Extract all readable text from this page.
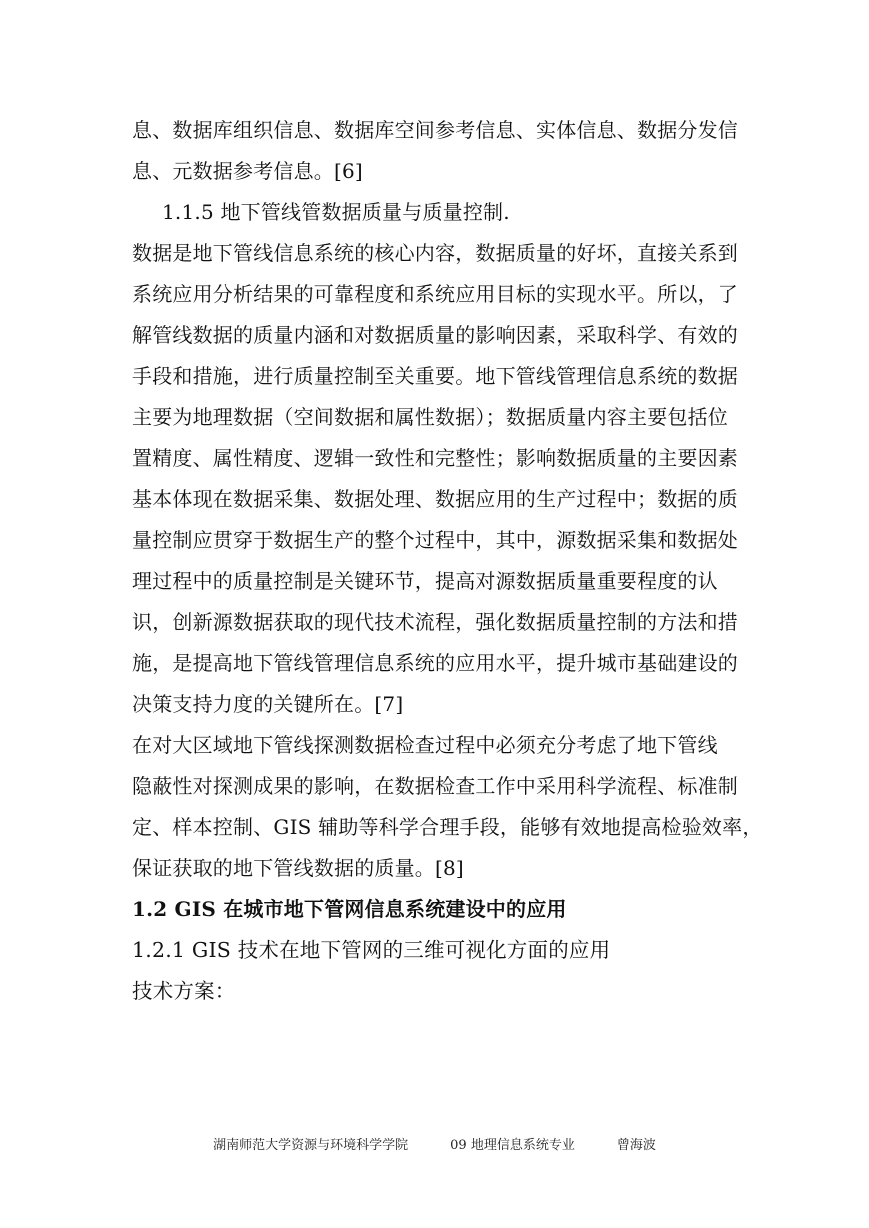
息、数据库组织信息、数据库空间参考信息、实体信息、数据分发信
息、元数据参考信息。[6]
1.1.5 地下管线管数据质量与质量控制.
数据是地下管线信息系统的核心内容，数据质量的好坏，直接关系到
系统应用分析结果的可靠程度和系统应用目标的实现水平。所以，了
解管线数据的质量内涵和对数据质量的影响因素，采取科学、有效的
手段和措施，进行质量控制至关重要。地下管线管理信息系统的数据
主要为地理数据（空间数据和属性数据）；数据质量内容主要包括位
置精度、属性精度、逻辑一致性和完整性；影响数据质量的主要因素
基本体现在数据采集、数据处理、数据应用的生产过程中；数据的质
量控制应贯穿于数据生产的整个过程中，其中，源数据采集和数据处
理过程中的质量控制是关键环节，提高对源数据质量重要程度的认
识，创新源数据获取的现代技术流程，强化数据质量控制的方法和措
施，是提高地下管线管理信息系统的应用水平，提升城市基础建设的
决策支持力度的关键所在。[7]
在对大区域地下管线探测数据检查过程中必须充分考虑了地下管线
隐蔽性对探测成果的影响，在数据检查工作中采用科学流程、标准制
定、样本控制、GIS 辅助等科学合理手段，能够有效地提高检验效率，
保证获取的地下管线数据的质量。[8]
1.2 GIS 在城市地下管网信息系统建设中的应用
1.2.1 GIS 技术在地下管网的三维可视化方面的应用
技术方案：
湖南师范大学资源与环境科学学院	09 地理信息系统专业	曾海波
